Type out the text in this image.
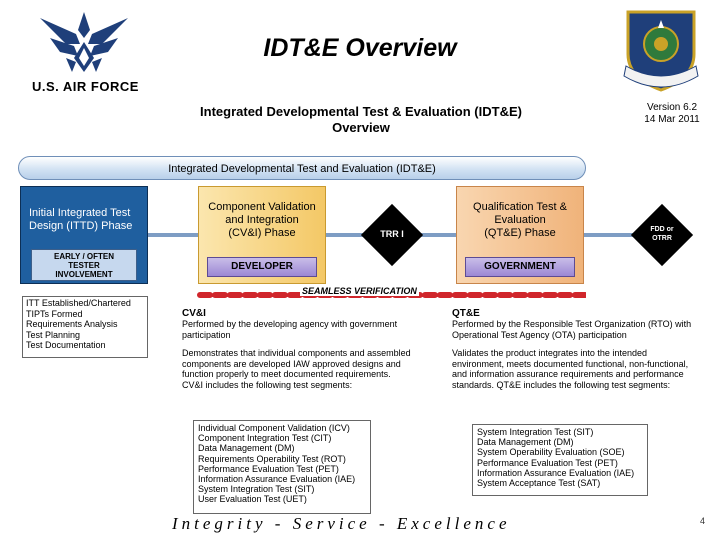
U.S. AIR FORCE
IDT&E Overview
Integrated Developmental Test & Evaluation (IDT&E)
Overview
Version 6.2
14 Mar 2011
Integrated Developmental Test and Evaluation (IDT&E)
Initial Integrated Test Design (ITTD) Phase
EARLY / OFTEN
TESTER
INVOLVEMENT
Component Validation
and Integration
(CV&I) Phase
DEVELOPER
TRR I
Qualification Test &
Evaluation
(QT&E) Phase
GOVERNMENT
FDD or
OTRR
SEAMLESS VERIFICATION
ITT Established/Chartered
TIPTs Formed
Requirements Analysis
Test Planning
Test Documentation
CV&I
Performed by the developing agency with government participation
Demonstrates that individual components and assembled components are developed IAW approved designs and function properly to meet documented requirements. CV&I includes the following test segments:
Individual Component Validation (ICV)
Component Integration Test (CIT)
Data Management (DM)
Requirements Operability Test (ROT)
Performance Evaluation Test (PET)
Information Assurance Evaluation (IAE)
System Integration Test (SIT)
User Evaluation Test (UET)
QT&E
Performed by the Responsible Test Organization (RTO) with Operational Test Agency (OTA) participation
Validates the product integrates into the intended environment, meets documented functional, non-functional, and information assurance requirements and performance standards. QT&E includes the following test segments:
System Integration Test (SIT)
Data Management (DM)
System Operability Evaluation (SOE)
Performance Evaluation Test (PET)
Information Assurance Evaluation (IAE)
System Acceptance Test (SAT)
Integrity - Service - Excellence	4
